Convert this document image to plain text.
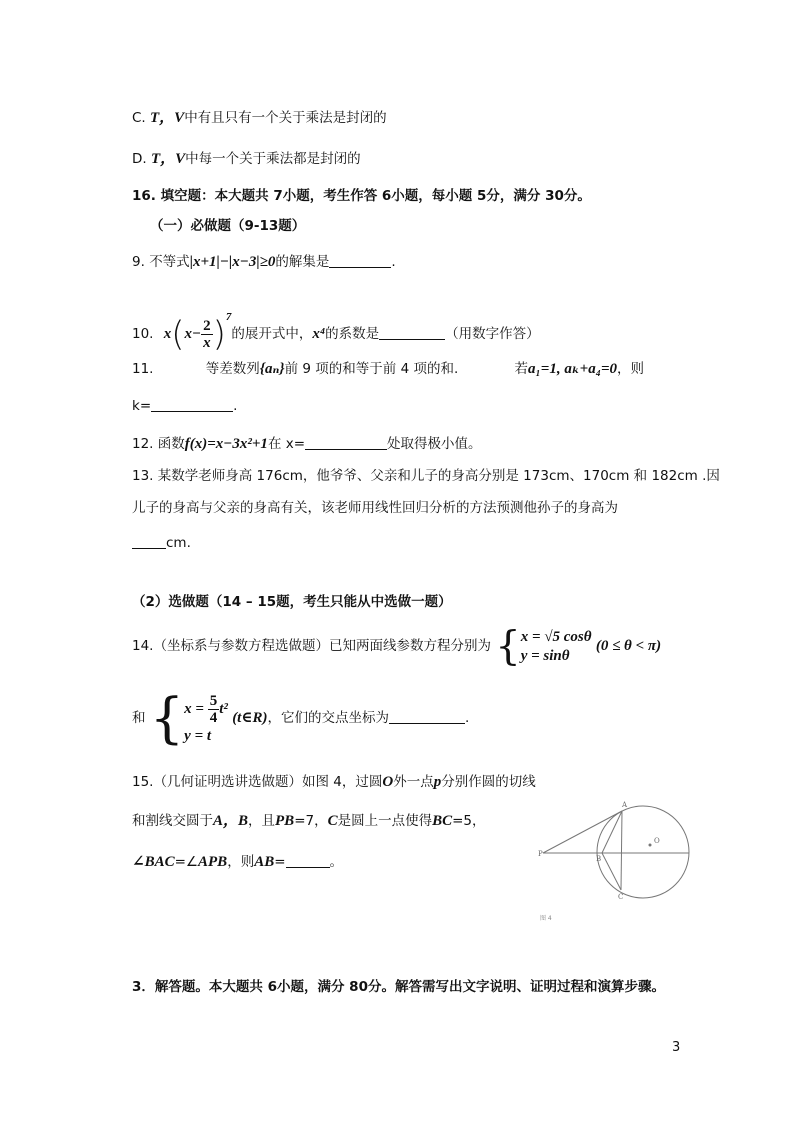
C. T，V中有且只有一个关于乘法是封闭的
D. T，V中每一个关于乘法都是封闭的
16. 填空题：本大题共 7小题，考生作答 6小题，每小题 5分，满分 30分。
（一）必做题（9-13题）
9. 不等式|x+1|−|x−3|≥0的解集是	.
10. $x(x- \frac{2}{x} )^7$的展开式中，x⁴的系数是	（用数字作答）
11.	等差数列{aₙ}前 9 项的和等于前 4 项的和.	若a₁=1, aₖ+a₄=0，则
k=	.
12. 函数f(x)=x−3x²+1在 x=	处取得极小值。
13. 某数学老师身高 176cm，他爷爷、父亲和儿子的身高分别是 173cm、170cm 和 182cm .因
儿子的身高与父亲的身高有关，该老师用线性回归分析的方法预测他孙子的身高为
cm.
（2）选做题（14 – 15题，考生只能从中选做一题）
14.（坐标系与参数方程选做题）已知两面线参数方程分别为 { x = √5 cosθ
y = sinθ
(0 ≤ θ < π)
和 { $x = \frac{5}{4} t^2$
y = t
(t∈R)，它们的交点坐标为	.
15.（几何证明选讲选做题）如图 4，过圆O外一点p分别作圆的切线
和割线交圆于A，B，且PB=7，C是圆上一点使得BC=5，
∠BAC=∠APB，则AB=	。
A
B
C
P
O
图 4
3．解答题。本大题共 6小题，满分 80分。解答需写出文字说明、证明过程和演算步骤。
3
